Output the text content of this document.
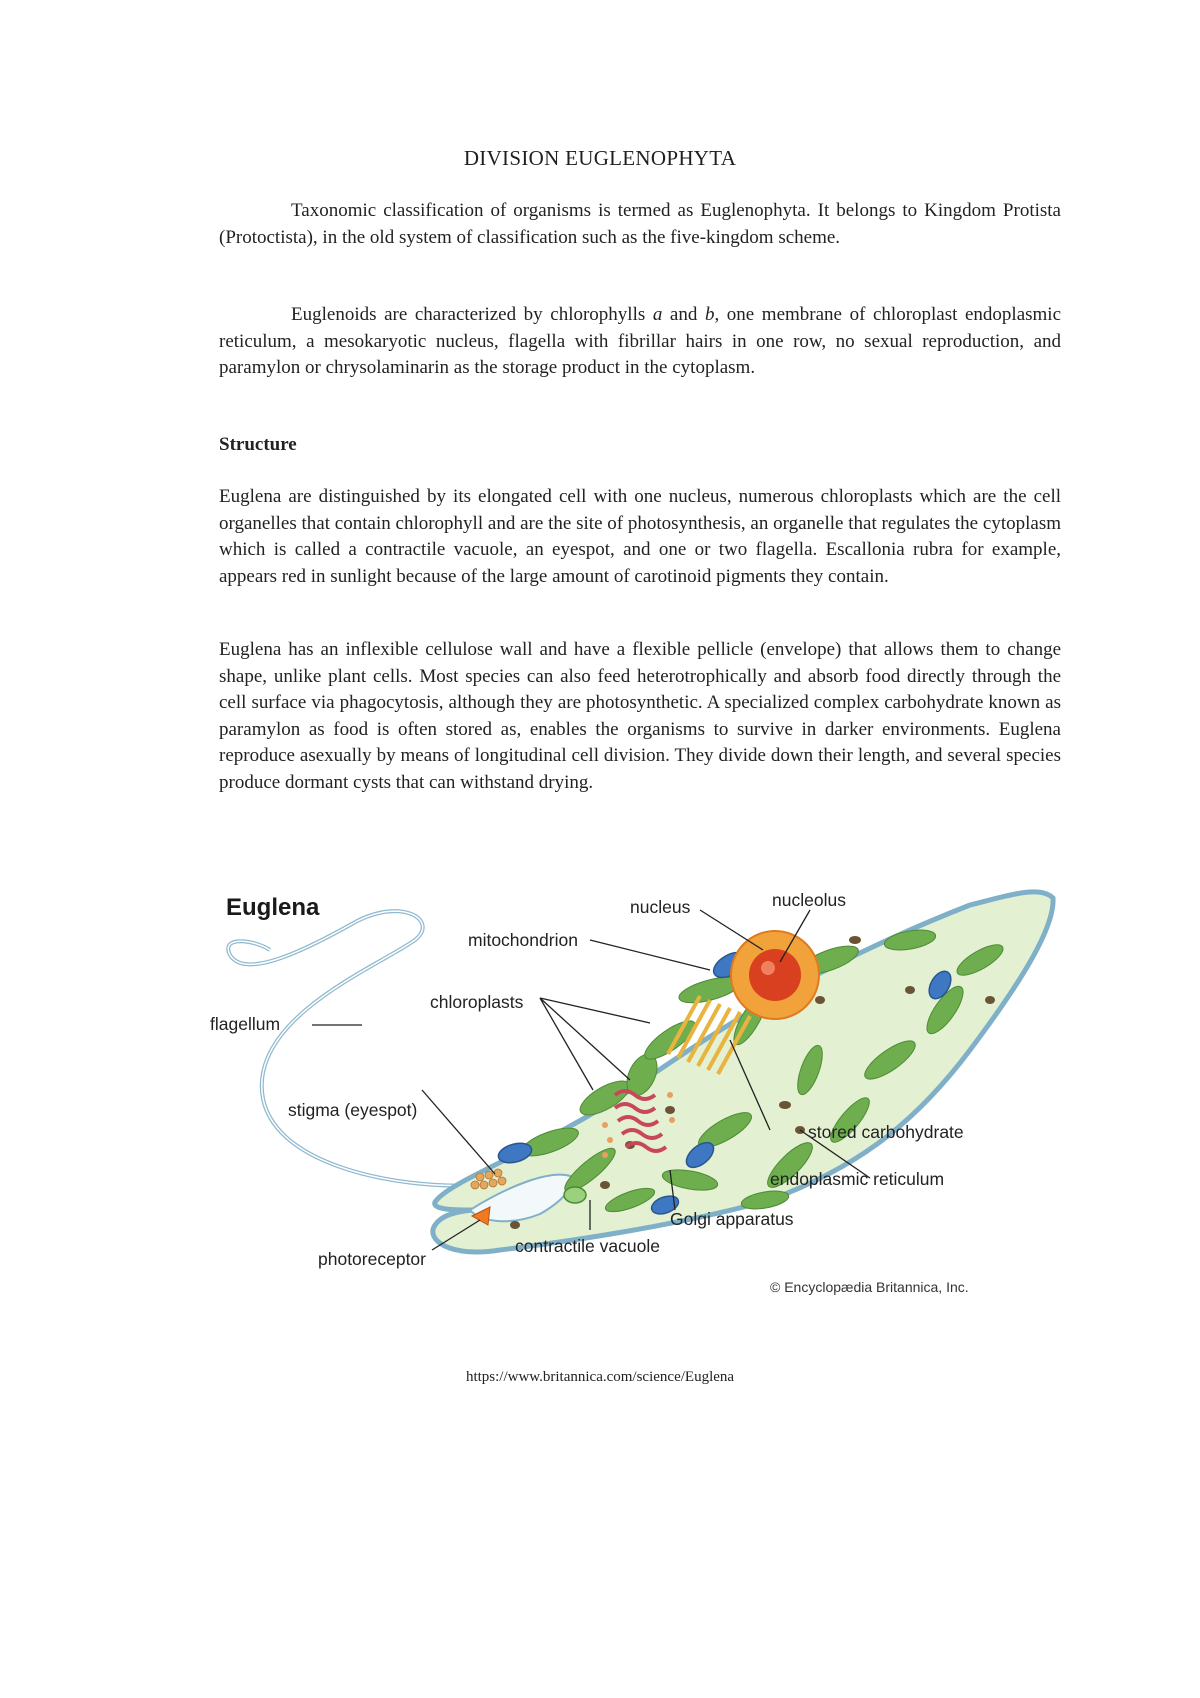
DIVISION EUGLENOPHYTA

Taxonomic classification of organisms is termed as Euglenophyta. It belongs to Kingdom Protista (Protoctista), in the old system of classification such as the five-kingdom scheme.

Euglenoids are characterized by chlorophylls a and b, one membrane of chloroplast endoplasmic reticulum, a mesokaryotic nucleus, flagella with fibrillar hairs in one row, no sexual reproduction, and paramylon or chrysolaminarin as the storage product in the cytoplasm.

Structure

Euglena are distinguished by its elongated cell with one nucleus, numerous chloroplasts which are the cell organelles that contain chlorophyll and are the site of photosynthesis, an organelle that regulates the cytoplasm which is called a contractile vacuole, an eyespot, and one or two flagella. Escallonia rubra for example, appears red in sunlight because of the large amount of carotinoid pigments they contain.

Euglena has an inflexible cellulose wall and have a flexible pellicle (envelope) that allows them to change shape, unlike plant cells. Most species can also feed heterotrophically and absorb food directly through the cell surface via phagocytosis, although they are photosynthetic. A specialized complex carbohydrate known as paramylon as food is often stored as, enables the organisms to survive in darker environments. Euglena reproduce asexually by means of longitudinal cell division. They divide down their length, and several species produce dormant cysts that can withstand drying.

Euglena
flagellum
chloroplasts
mitochondrion
nucleus	nucleolus
stored carbohydrate
endoplasmic reticulum
Golgi apparatus
contractile vacuole
stigma (eyespot)
photoreceptor
© Encyclopædia Britannica, Inc.
https://www.britannica.com/science/Euglena
